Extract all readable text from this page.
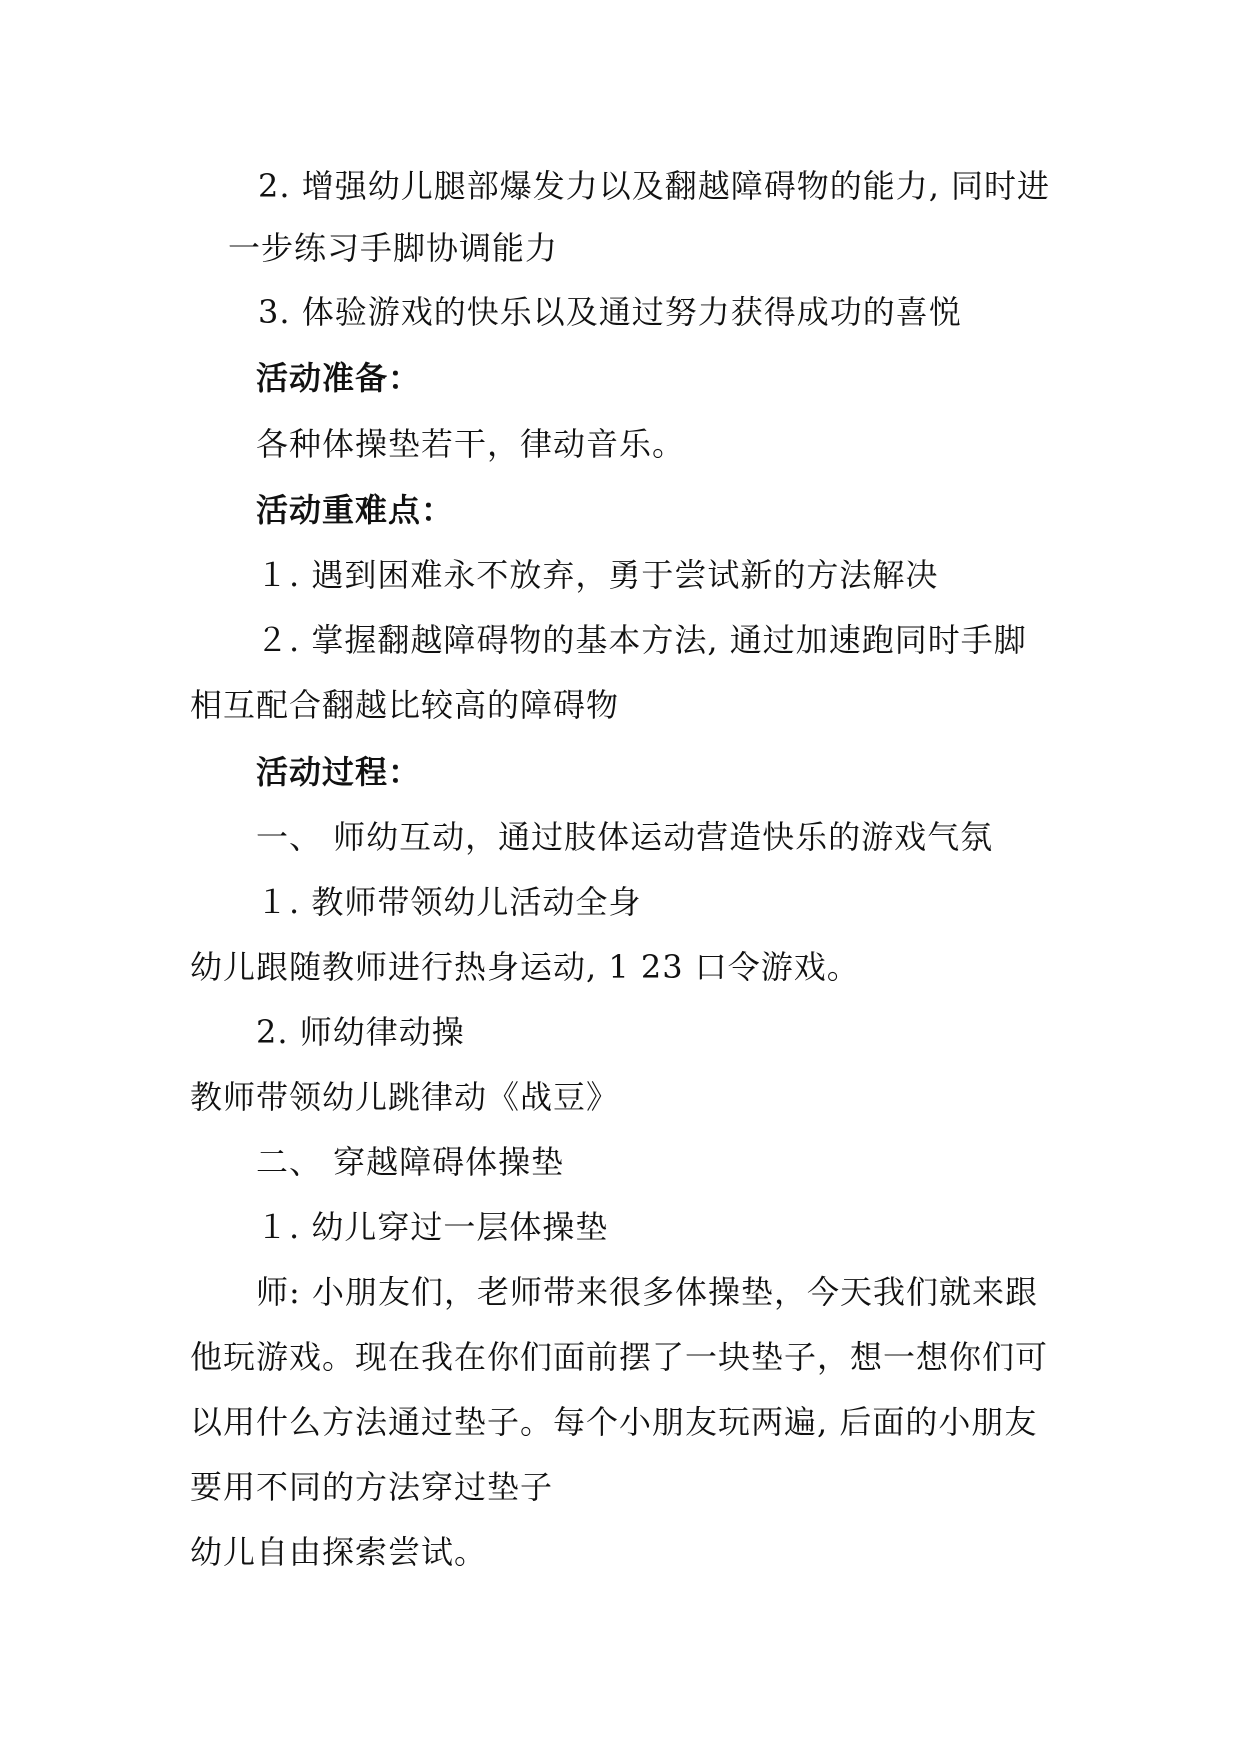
2. 增强幼儿腿部爆发力以及翻越障碍物的能力, 同时进
一步练习手脚协调能力
3. 体验游戏的快乐以及通过努力获得成功的喜悦
活动准备：
各种体操垫若干，律动音乐。
活动重难点：
１. 遇到困难永不放弃，勇于尝试新的方法解决
２. 掌握翻越障碍物的基本方法, 通过加速跑同时手脚
相互配合翻越比较高的障碍物
活动过程：
一、 师幼互动，通过肢体运动营造快乐的游戏气氛
１. 教师带领幼儿活动全身
幼儿跟随教师进行热身运动, 1 23 口令游戏。
2. 师幼律动操
教师带领幼儿跳律动《战豆》
二、 穿越障碍体操垫
１. 幼儿穿过一层体操垫
师: 小朋友们，老师带来很多体操垫，今天我们就来跟
他玩游戏。现在我在你们面前摆了一块垫子，想一想你们可
以用什么方法通过垫子。每个小朋友玩两遍, 后面的小朋友
要用不同的方法穿过垫子
幼儿自由探索尝试。
